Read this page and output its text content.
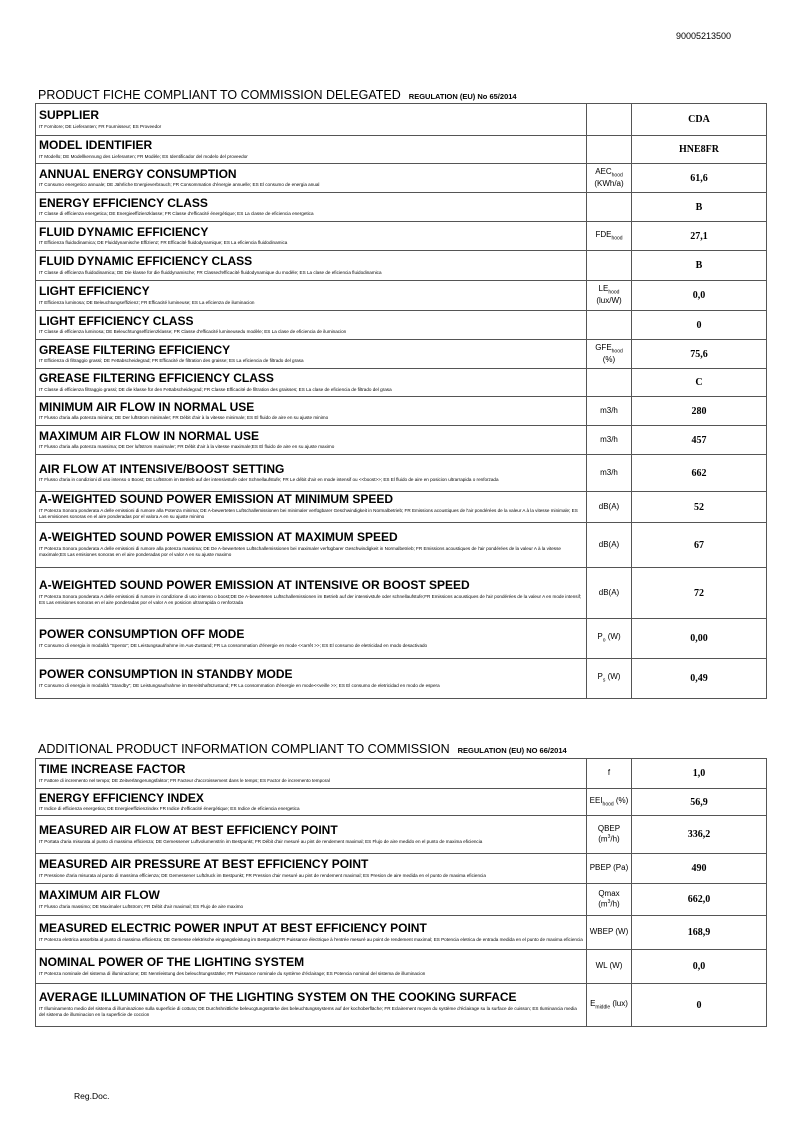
90005213500
PRODUCT FICHE COMPLIANT TO COMMISSION DELEGATED REGULATION (EU) No 65/2014
SUPPLIER
IT Fornitore; DE Lieferanten; FR Fournisseur; ES Proveedor		CDA

MODEL IDENTIFIER
IT Modello; DE Modellkennung des Lieferanten; FR Modèle; ES Identificador del modelo del proveedor		HNE8FR

ANNUAL ENERGY CONSUMPTION
IT Consumo energetico annuale; DE Jährliche Energieverbrauch; FR Consommation d'énergie annuelle; ES El consumo de energia anual	$AEC_{hood}$
(KWh/a)	61,6

ENERGY EFFICIENCY CLASS
IT Classe di efficienza energetica; DE Energieeffizienzklasse; FR Classe d'efficacité énergétique; ES La classe de eficiencia energetica		B

FLUID DYNAMIC EFFICIENCY
IT Efficienza fluidodinamica; DE Fluiddynamische Effizienz; FR Efficacité fluidodynamique; ES La eficiencia fluidodinamica	$FDE_{hood}$	27,1

FLUID DYNAMIC EFFICIENCY CLASS
IT Classe di efficienza fluidodinamica; DE Die klasse für die fluiddynamische; FR Classed'efficacité fluidodynamique du modèle; ES La clase de eficiencia fluidodinamica		B

LIGHT EFFICIENCY
IT Efficienza luminosa; DE Beleuchtungseffizienz; FR Efficacité lumineuse; ES La eficienza de iluminacion	$LE_{hood}$
(lux/W)	0,0

LIGHT EFFICIENCY CLASS
IT Classe di efficienza luminosa; DE Beleuchtungseffizienzklasse; FR Classe d'efficacité lumineusedu modèle; ES La clase de eficiencia de iluminacion		0

GREASE FILTERING EFFICIENCY
IT Efficienza di filtraggio grassi; DE Fettabscheidegrad; FR Efficacité de filtration des graisse; ES La eficiencia de filtrado del grasa	$GFE_{hood}$
(%)	75,6

GREASE FILTERING EFFICIENCY CLASS
IT Classe di efficienza filtraggio grassi; DE die klasse für den Fettabscheidegrad; FR Classe Efficacité de filtration des graisses; ES La clase de eficiencia de filtrado del grasa		C

MINIMUM AIR FLOW IN NORMAL USE
IT Flusso d'aria alla potenza minima; DE Der luftstrom minimaler; FR Débit d'air à la vitesse minimale; ES El fluido de aire en su ajuste minimo	m3/h	280

MAXIMUM AIR FLOW IN NORMAL USE
IT Flusso d'aria alla potenza massima; DE Der luftstrom maximaler; FR Débit d'air à la vitesse maximale;ES El fluido de aire en su ajuste maximo	m3/h	457

AIR FLOW AT INTENSIVE/BOOST SETTING
IT Flusso d'aria in condizioni di uso intenso o Boost; DE Luftstrom im Betrieb auf der intensivstufe oder Schnellaufstufe; FR Le débit d'air en mode intensif ou <<boost>>; ES El fluido de aire en posicion ultrarrapida o renforzada	m3/h	662

A-WEIGHTED SOUND POWER EMISSION AT MINIMUM SPEED
IT Potenza Sonora ponderata A delle emissioni di rumore alla Potenza minima; DE A-bewerteten Luftschallemissionen bei minimaler verfügbarer Geschwindigkeit in Normalbetrieb; FR Emissions acoustiques de l'air pondérées de la valeur A à la vitesse minimale; ES Las emisiones sonoras en el aire ponderadas por el valora A en su ajuste minimo	dB(A)	52

A-WEIGHTED SOUND POWER EMISSION AT MAXIMUM SPEED
IT Potenza Sonora ponderata A delle emissioni di rumore alla potenza massima; DE De A-bewerteten Luftschallemissionen bei maximaler verfügbarer Geschwindigkeit in Normalbetrieb; FR Emissions acoustiques de l'air pondérées de la valeur A à la vitesse maximale;ES Las emisiones sonoras en el aire ponderadas por el valor A en su ajuste maximo	dB(A)	67

A-WEIGHTED SOUND POWER EMISSION AT INTENSIVE OR BOOST SPEED
IT Potenza Sonora ponderata A delle emissioni di rumore in condizione di uso intenso o boost;DE De A-bewerteten Luftschallemissionen im Betrieb auf der intensivstufe oder schnellaufstufe;FR Emissions acoustiques de l'air pondérées de la valeur A en mode intensif; ES Las emisiones sonoras en el aire ponderadas por el valor A en posicion ultrarrapida o renforzada	dB(A)	72

POWER CONSUMPTION OFF MODE
IT Consumo di energia in modalità "Spento"; DE Leistungsaufnahme im Aus-Zustand; FR La consommation d'énergie en mode <<arrêt >>; ES El consumo de eletricidad en modo desactivado	$P_o$ (W)	0,00

POWER CONSUMPTION IN STANDBY MODE
IT Consumo di energia in modalità "Standby"; DE Leistungsaufnahme im Bereitshaftszustand; FR La consommation d'énergie en mode<<veille >>; ES El consumo de eletricidad en modo de espera	$P_s$ (W)	0,49
ADDITIONAL PRODUCT INFORMATION COMPLIANT TO COMMISSION REGULATION (EU) NO 66/2014
TIME INCREASE FACTOR
IT Fattore di incremento nel tempo; DE Zeitverlängerungsfaktor; FR Facteur d'accroissement dans le temps; ES Factor de incremento temporal	f	1,0

ENERGY EFFICIENCY INDEX
IT Indice di efficienza energetica; DE Energieeffizienzindex FR Indice d'efficacité énergétique; ES Indice de eficiencia energetica	$EEI_{hood}$ (%)	56,9

MEASURED AIR FLOW AT BEST EFFICIENCY POINT
IT Portata d'aria misurata al punto di massima efficienza; DE Gemessener Luftvolumenstrin im Bestpunkt; FR Débit d'air mesuré au pint de rendement maximal; ES Flujo de aire medido en el punto de maxima eficiencia	QBEP
$(m^3/h)$	336,2

MEASURED AIR PRESSURE AT BEST EFFICIENCY POINT
IT Pressione d'aria misurata al punto di massima efficienza; DE Gemessener Luftdruck im Bestpunkt; FR Pression d'air mesuré au pint de rendement maximal; ES Presion de aire medida en el punto de maxima eficiencia	PBEP (Pa)	490

MAXIMUM AIR FLOW
IT Flusso d'aria massimo; DE Maximaler Luftstrom; FR Débit d'air maximal; ES Flujo de aire maximo	Qmax
$(m^3/h)$	662,0

MEASURED ELECTRIC POWER INPUT AT BEST EFFICIENCY POINT
IT Potenza elettrica assorbita al punto di massima efficienza; DE Gemesse elektrische eingangsleistung im Bestpunkt;FR Puissance électrique à l'entrée mesuré au point de rendement maximal; ES Potencia eletrica de entrada medida en el punto de maxima eficiencia	WBEP (W)	168,9

NOMINAL POWER OF THE LIGHTING SYSTEM
IT Potenza nominale del sistema di illuminazione; DE Nennleistung des beleuchtungsstätke; FR Puissance nominale du système d'éclairage; ES Potencia nominal del sistema de illuminacion	WL (W)	0,0

AVERAGE ILLUMINATION OF THE LIGHTING SYSTEM ON THE COOKING SURFACE
IT Illuminamento medio del sistema di illuminazione sulla superficie di cottura; DE Durchshnittliche beleucgtungsstärke des beleuchtungssystems auf der kochoberfläche; FR Eclairement moyen du système d'éclairage su la surface de cuisson; ES Iluminancia media del sistema de illuminacion en la superficie de coccion	$E_{middle}$ (lux)	0
Reg.Doc.
